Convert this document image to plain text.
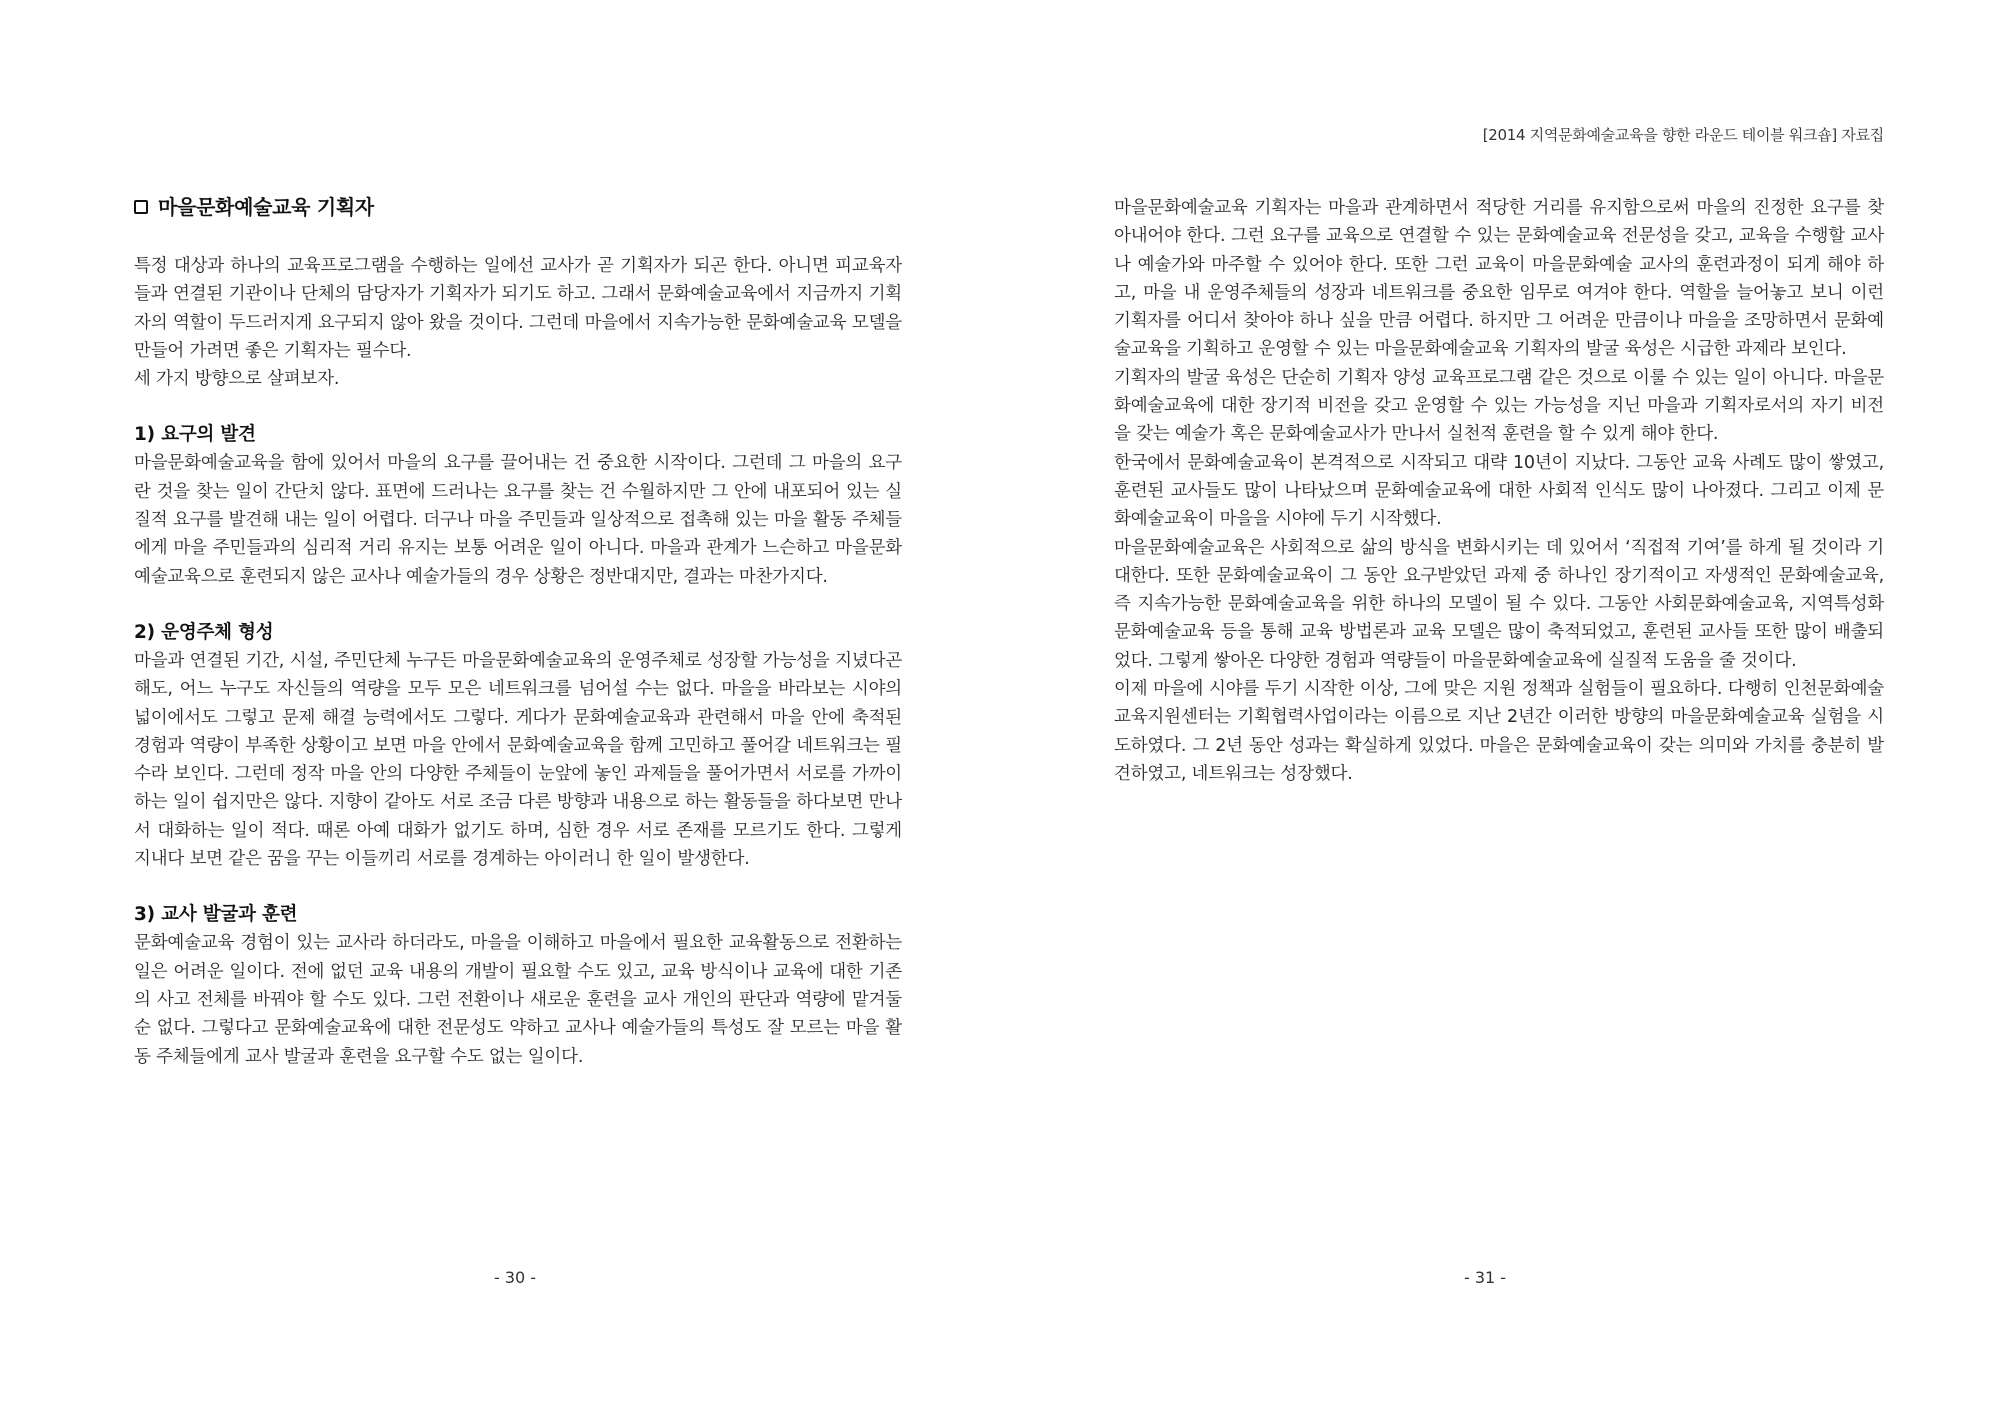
마을문화예술교육 기획자

특정 대상과 하나의 교육프로그램을 수행하는 일에선 교사가 곧 기획자가 되곤 한다. 아니면 피교육자들과 연결된 기관이나 단체의 담당자가 기획자가 되기도 하고. 그래서 문화예술교육에서 지금까지 기획자의 역할이 두드러지게 요구되지 않아 왔을 것이다. 그런데 마을에서 지속가능한 문화예술교육 모델을 만들어 가려면 좋은 기획자는 필수다.

세 가지 방향으로 살펴보자.

1) 요구의 발견

마을문화예술교육을 함에 있어서 마을의 요구를 끌어내는 건 중요한 시작이다. 그런데 그 마을의 요구란 것을 찾는 일이 간단치 않다. 표면에 드러나는 요구를 찾는 건 수월하지만 그 안에 내포되어 있는 실질적 요구를 발견해 내는 일이 어렵다. 더구나 마을 주민들과 일상적으로 접촉해 있는 마을 활동 주체들에게 마을 주민들과의 심리적 거리 유지는 보통 어려운 일이 아니다. 마을과 관계가 느슨하고 마을문화예술교육으로 훈련되지 않은 교사나 예술가들의 경우 상황은 정반대지만, 결과는 마찬가지다.

2) 운영주체 형성

마을과 연결된 기간, 시설, 주민단체 누구든 마을문화예술교육의 운영주체로 성장할 가능성을 지녔다곤 해도, 어느 누구도 자신들의 역량을 모두 모은 네트워크를 넘어설 수는 없다. 마을을 바라보는 시야의 넓이에서도 그렇고 문제 해결 능력에서도 그렇다. 게다가 문화예술교육과 관련해서 마을 안에 축적된 경험과 역량이 부족한 상황이고 보면 마을 안에서 문화예술교육을 함께 고민하고 풀어갈 네트워크는 필수라 보인다. 그런데 정작 마을 안의 다양한 주체들이 눈앞에 놓인 과제들을 풀어가면서 서로를 가까이 하는 일이 쉽지만은 않다. 지향이 같아도 서로 조금 다른 방향과 내용으로 하는 활동들을 하다보면 만나서 대화하는 일이 적다. 때론 아예 대화가 없기도 하며, 심한 경우 서로 존재를 모르기도 한다. 그렇게 지내다 보면 같은 꿈을 꾸는 이들끼리 서로를 경계하는 아이러니 한 일이 발생한다.

3) 교사 발굴과 훈련

문화예술교육 경험이 있는 교사라 하더라도, 마을을 이해하고 마을에서 필요한 교육활동으로 전환하는 일은 어려운 일이다. 전에 없던 교육 내용의 개발이 필요할 수도 있고, 교육 방식이나 교육에 대한 기존의 사고 전체를 바꿔야 할 수도 있다. 그런 전환이나 새로운 훈련을 교사 개인의 판단과 역량에 맡겨둘 순 없다. 그렇다고 문화예술교육에 대한 전문성도 약하고 교사나 예술가들의 특성도 잘 모르는 마을 활동 주체들에게 교사 발굴과 훈련을 요구할 수도 없는 일이다.

- 30 -
[2014 지역문화예술교육을 향한 라운드 테이블 워크숍] 자료집

마을문화예술교육 기획자는 마을과 관계하면서 적당한 거리를 유지함으로써 마을의 진정한 요구를 찾아내어야 한다. 그런 요구를 교육으로 연결할 수 있는 문화예술교육 전문성을 갖고, 교육을 수행할 교사나 예술가와 마주할 수 있어야 한다. 또한 그런 교육이 마을문화예술 교사의 훈련과정이 되게 해야 하고, 마을 내 운영주체들의 성장과 네트워크를 중요한 임무로 여겨야 한다. 역할을 늘어놓고 보니 이런 기획자를 어디서 찾아야 하나 싶을 만큼 어렵다. 하지만 그 어려운 만큼이나 마을을 조망하면서 문화예술교육을 기획하고 운영할 수 있는 마을문화예술교육 기획자의 발굴 육성은 시급한 과제라 보인다.

기획자의 발굴 육성은 단순히 기획자 양성 교육프로그램 같은 것으로 이룰 수 있는 일이 아니다. 마을문화예술교육에 대한 장기적 비전을 갖고 운영할 수 있는 가능성을 지닌 마을과 기획자로서의 자기 비전을 갖는 예술가 혹은 문화예술교사가 만나서 실천적 훈련을 할 수 있게 해야 한다.

한국에서 문화예술교육이 본격적으로 시작되고 대략 10년이 지났다. 그동안 교육 사례도 많이 쌓였고, 훈련된 교사들도 많이 나타났으며 문화예술교육에 대한 사회적 인식도 많이 나아졌다. 그리고 이제 문화예술교육이 마을을 시야에 두기 시작했다.

마을문화예술교육은 사회적으로 삶의 방식을 변화시키는 데 있어서 ‘직접적 기여’를 하게 될 것이라 기대한다. 또한 문화예술교육이 그 동안 요구받았던 과제 중 하나인 장기적이고 자생적인 문화예술교육, 즉 지속가능한 문화예술교육을 위한 하나의 모델이 될 수 있다. 그동안 사회문화예술교육, 지역특성화 문화예술교육 등을 통해 교육 방법론과 교육 모델은 많이 축적되었고, 훈련된 교사들 또한 많이 배출되었다. 그렇게 쌓아온 다양한 경험과 역량들이 마을문화예술교육에 실질적 도움을 줄 것이다.

이제 마을에 시야를 두기 시작한 이상, 그에 맞은 지원 정책과 실험들이 필요하다. 다행히 인천문화예술교육지원센터는 기획협력사업이라는 이름으로 지난 2년간 이러한 방향의 마을문화예술교육 실험을 시도하였다. 그 2년 동안 성과는 확실하게 있었다. 마을은 문화예술교육이 갖는 의미와 가치를 충분히 발견하였고, 네트워크는 성장했다.

- 31 -
